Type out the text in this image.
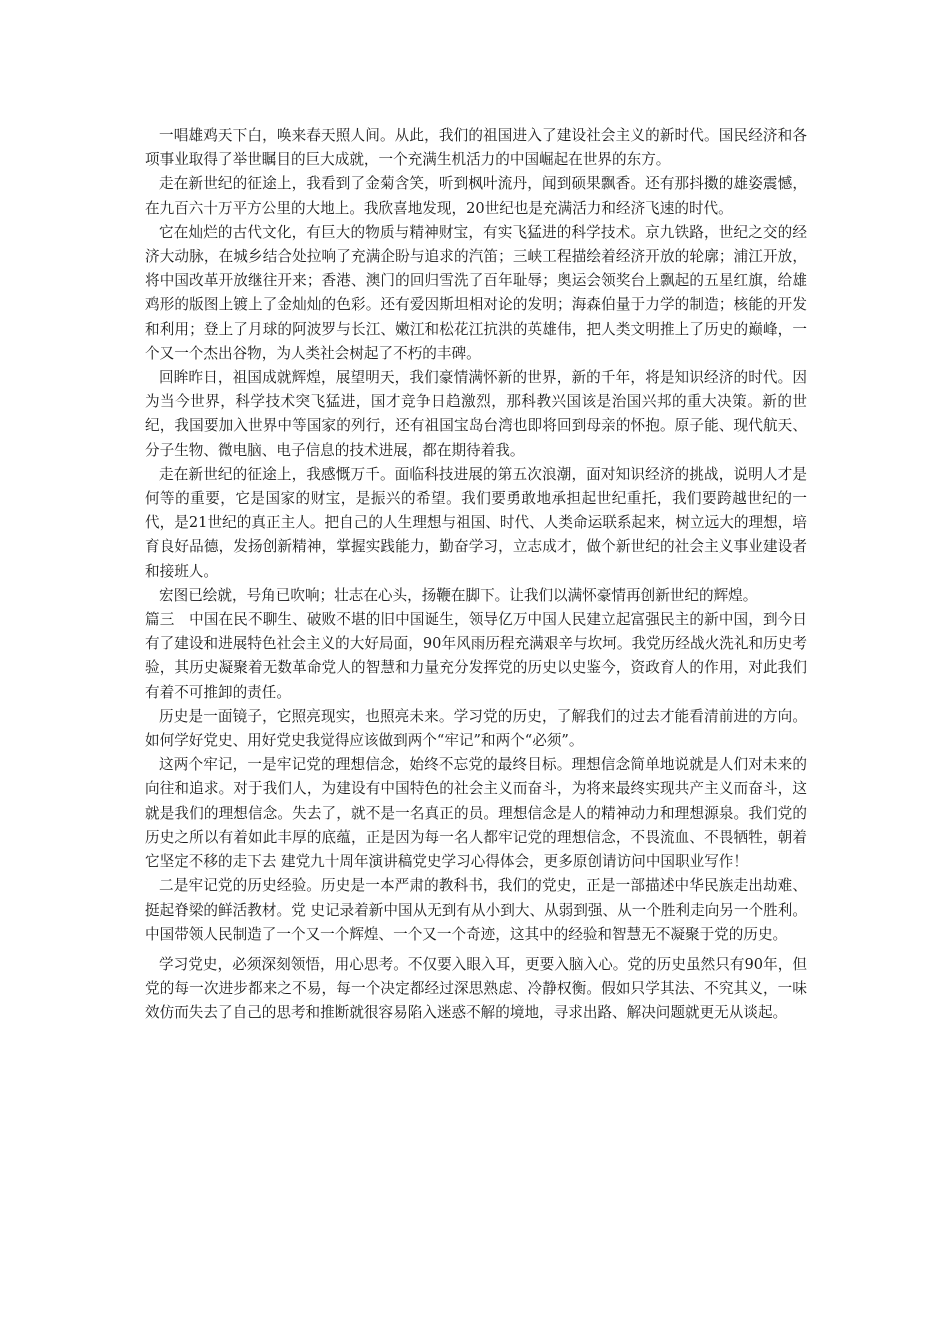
一唱雄鸡天下白，唤来春天照人间。从此，我们的祖国进入了建设社会主义的新时代。国民经济和各项事业取得了举世瞩目的巨大成就，一个充满生机活力的中国崛起在世界的东方。

走在新世纪的征途上，我看到了金菊含笑，听到枫叶流丹，闻到硕果飘香。还有那抖擞的雄姿震憾，在九百六十万平方公里的大地上。我欣喜地发现，20世纪也是充满活力和经济飞速的时代。

它在灿烂的古代文化，有巨大的物质与精神财宝，有实飞猛进的科学技术。京九铁路，世纪之交的经济大动脉，在城乡结合处拉响了充满企盼与追求的汽笛；三峡工程描绘着经济开放的轮廓；浦江开放，将中国改革开放继往开来；香港、澳门的回归雪洗了百年耻辱；奥运会领奖台上飘起的五星红旗，给雄鸡形的版图上镀上了金灿灿的色彩。还有爱因斯坦相对论的发明；海森伯量于力学的制造；核能的开发和利用；登上了月球的阿波罗与长江、嫩江和松花江抗洪的英雄伟，把人类文明推上了历史的巅峰，一个又一个杰出谷物，为人类社会树起了不朽的丰碑。

回眸昨日，祖国成就辉煌，展望明天，我们豪情满怀新的世界，新的千年，将是知识经济的时代。因为当今世界，科学技术突飞猛进，国才竞争日趋激烈，那科教兴国该是治国兴邦的重大决策。新的世纪，我国要加入世界中等国家的列行，还有祖国宝岛台湾也即将回到母亲的怀抱。原子能、现代航天、分子生物、微电脑、电子信息的技术进展，都在期待着我。

走在新世纪的征途上，我感慨万千。面临科技进展的第五次浪潮，面对知识经济的挑战，说明人才是何等的重要，它是国家的财宝，是振兴的希望。我们要勇敢地承担起世纪重托，我们要跨越世纪的一代，是21世纪的真正主人。把自己的人生理想与祖国、时代、人类命运联系起来，树立远大的理想，培育良好品德，发扬创新精神，掌握实践能力，勤奋学习，立志成才，做个新世纪的社会主义事业建设者和接班人。

宏图已绘就，号角已吹响；壮志在心头，扬鞭在脚下。让我们以满怀豪情再创新世纪的辉煌。

篇三　中国在民不聊生、破败不堪的旧中国诞生，领导亿万中国人民建立起富强民主的新中国，到今日有了建设和进展特色社会主义的大好局面，90年风雨历程充满艰辛与坎坷。我党历经战火洗礼和历史考验，其历史凝聚着无数革命党人的智慧和力量充分发挥党的历史以史鉴今，资政育人的作用，对此我们有着不可推卸的责任。

历史是一面镜子，它照亮现实，也照亮未来。学习党的历史，了解我们的过去才能看清前进的方向。如何学好党史、用好党史我觉得应该做到两个“牢记”和两个“必须”。

这两个牢记，一是牢记党的理想信念，始终不忘党的最终目标。理想信念简单地说就是人们对未来的向往和追求。对于我们人，为建设有中国特色的社会主义而奋斗，为将来最终实现共产主义而奋斗，这就是我们的理想信念。失去了，就不是一名真正的员。理想信念是人的精神动力和理想源泉。我们党的历史之所以有着如此丰厚的底蕴，正是因为每一名人都牢记党的理想信念，不畏流血、不畏牺牲，朝着它坚定不移的走下去 建党九十周年演讲稿党史学习心得体会，更多原创请访问中国职业写作！

二是牢记党的历史经验。历史是一本严肃的教科书，我们的党史，正是一部描述中华民族走出劫难、挺起脊梁的鲜活教材。党 史记录着新中国从无到有从小到大、从弱到强、从一个胜利走向另一个胜利。中国带领人民制造了一个又一个辉煌、一个又一个奇迹，这其中的经验和智慧无不凝聚于党的历史。

学习党史，必须深刻领悟，用心思考。不仅要入眼入耳，更要入脑入心。党的历史虽然只有90年，但党的每一次进步都来之不易，每一个决定都经过深思熟虑、冷静权衡。假如只学其法、不究其义，一味效仿而失去了自己的思考和推断就很容易陷入迷惑不解的境地，寻求出路、解决问题就更无从谈起。
